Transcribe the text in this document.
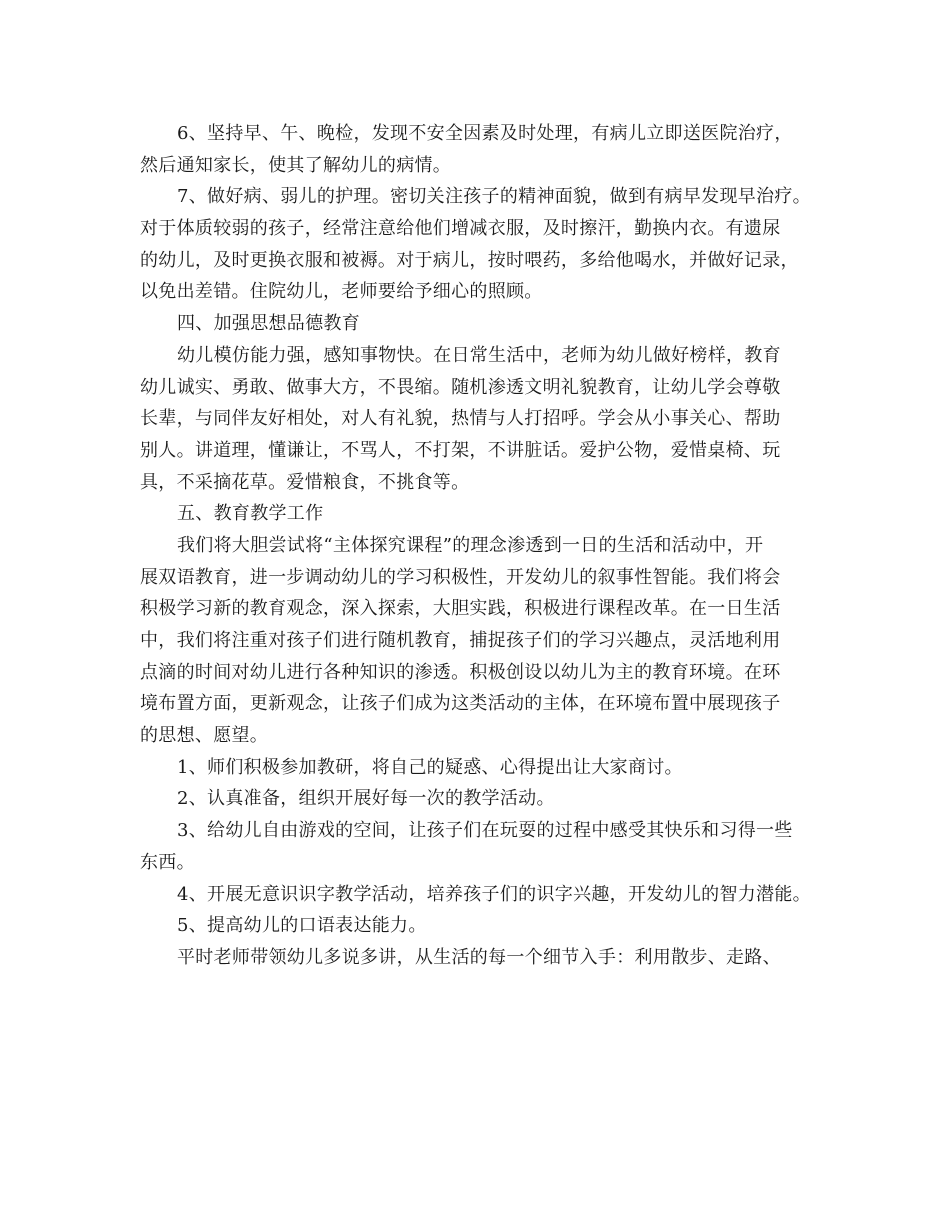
6、坚持早、午、晚检，发现不安全因素及时处理，有病儿立即送医院治疗，
然后通知家长，使其了解幼儿的病情。
7、做好病、弱儿的护理。密切关注孩子的精神面貌，做到有病早发现早治疗。
对于体质较弱的孩子，经常注意给他们增减衣服，及时擦汗，勤换内衣。有遗尿
的幼儿，及时更换衣服和被褥。对于病儿，按时喂药，多给他喝水，并做好记录，
以免出差错。住院幼儿，老师要给予细心的照顾。
四、加强思想品德教育
幼儿模仿能力强，感知事物快。在日常生活中，老师为幼儿做好榜样，教育
幼儿诚实、勇敢、做事大方，不畏缩。随机渗透文明礼貌教育，让幼儿学会尊敬
长辈，与同伴友好相处，对人有礼貌，热情与人打招呼。学会从小事关心、帮助
别人。讲道理，懂谦让，不骂人，不打架，不讲脏话。爱护公物，爱惜桌椅、玩
具，不采摘花草。爱惜粮食，不挑食等。
五、教育教学工作
我们将大胆尝试将“主体探究课程”的理念渗透到一日的生活和活动中，开
展双语教育，进一步调动幼儿的学习积极性，开发幼儿的叙事性智能。我们将会
积极学习新的教育观念，深入探索，大胆实践，积极进行课程改革。在一日生活
中，我们将注重对孩子们进行随机教育，捕捉孩子们的学习兴趣点，灵活地利用
点滴的时间对幼儿进行各种知识的渗透。积极创设以幼儿为主的教育环境。在环
境布置方面，更新观念，让孩子们成为这类活动的主体，在环境布置中展现孩子
的思想、愿望。
1、师们积极参加教研，将自己的疑惑、心得提出让大家商讨。
2、认真准备，组织开展好每一次的教学活动。
3、给幼儿自由游戏的空间，让孩子们在玩耍的过程中感受其快乐和习得一些
东西。
4、开展无意识识字教学活动，培养孩子们的识字兴趣，开发幼儿的智力潜能。
5、提高幼儿的口语表达能力。
平时老师带领幼儿多说多讲，从生活的每一个细节入手：利用散步、走路、
